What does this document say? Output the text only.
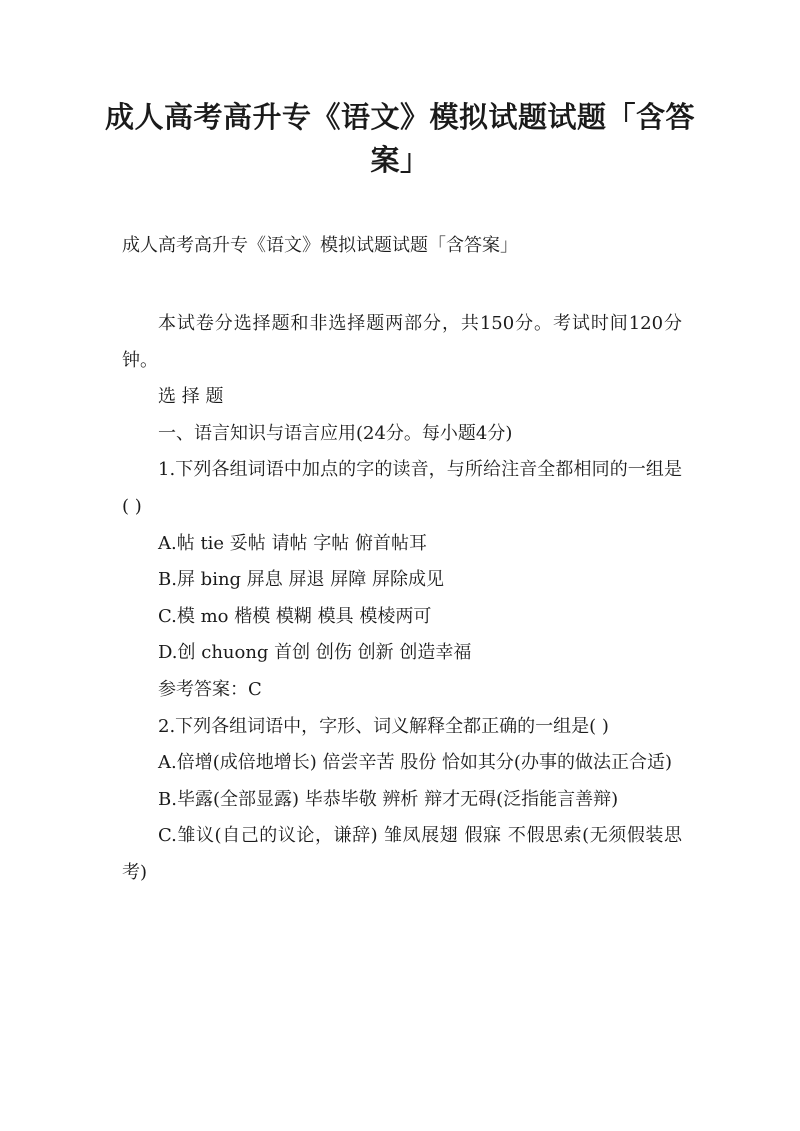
成人高考高升专《语文》模拟试题试题「含答案」
成人高考高升专《语文》模拟试题试题「含答案」

本试卷分选择题和非选择题两部分，共150分。考试时间120分钟。

选 择 题

一、语言知识与语言应用(24分。每小题4分)

1.下列各组词语中加点的字的读音，与所给注音全都相同的一组是( )

A.帖 tie 妥帖 请帖 字帖 俯首帖耳

B.屏 bing 屏息 屏退 屏障 屏除成见

C.模 mo 楷模 模糊 模具 模棱两可

D.创 chuong 首创 创伤 创新 创造幸福

参考答案：C

2.下列各组词语中，字形、词义解释全都正确的一组是( )

A.倍增(成倍地增长) 倍尝辛苦 股份 恰如其分(办事的做法正合适)

B.毕露(全部显露) 毕恭毕敬 辨析 辩才无碍(泛指能言善辩)

C.雏议(自己的议论，谦辞) 雏凤展翅 假寐 不假思索(无须假装思考)
